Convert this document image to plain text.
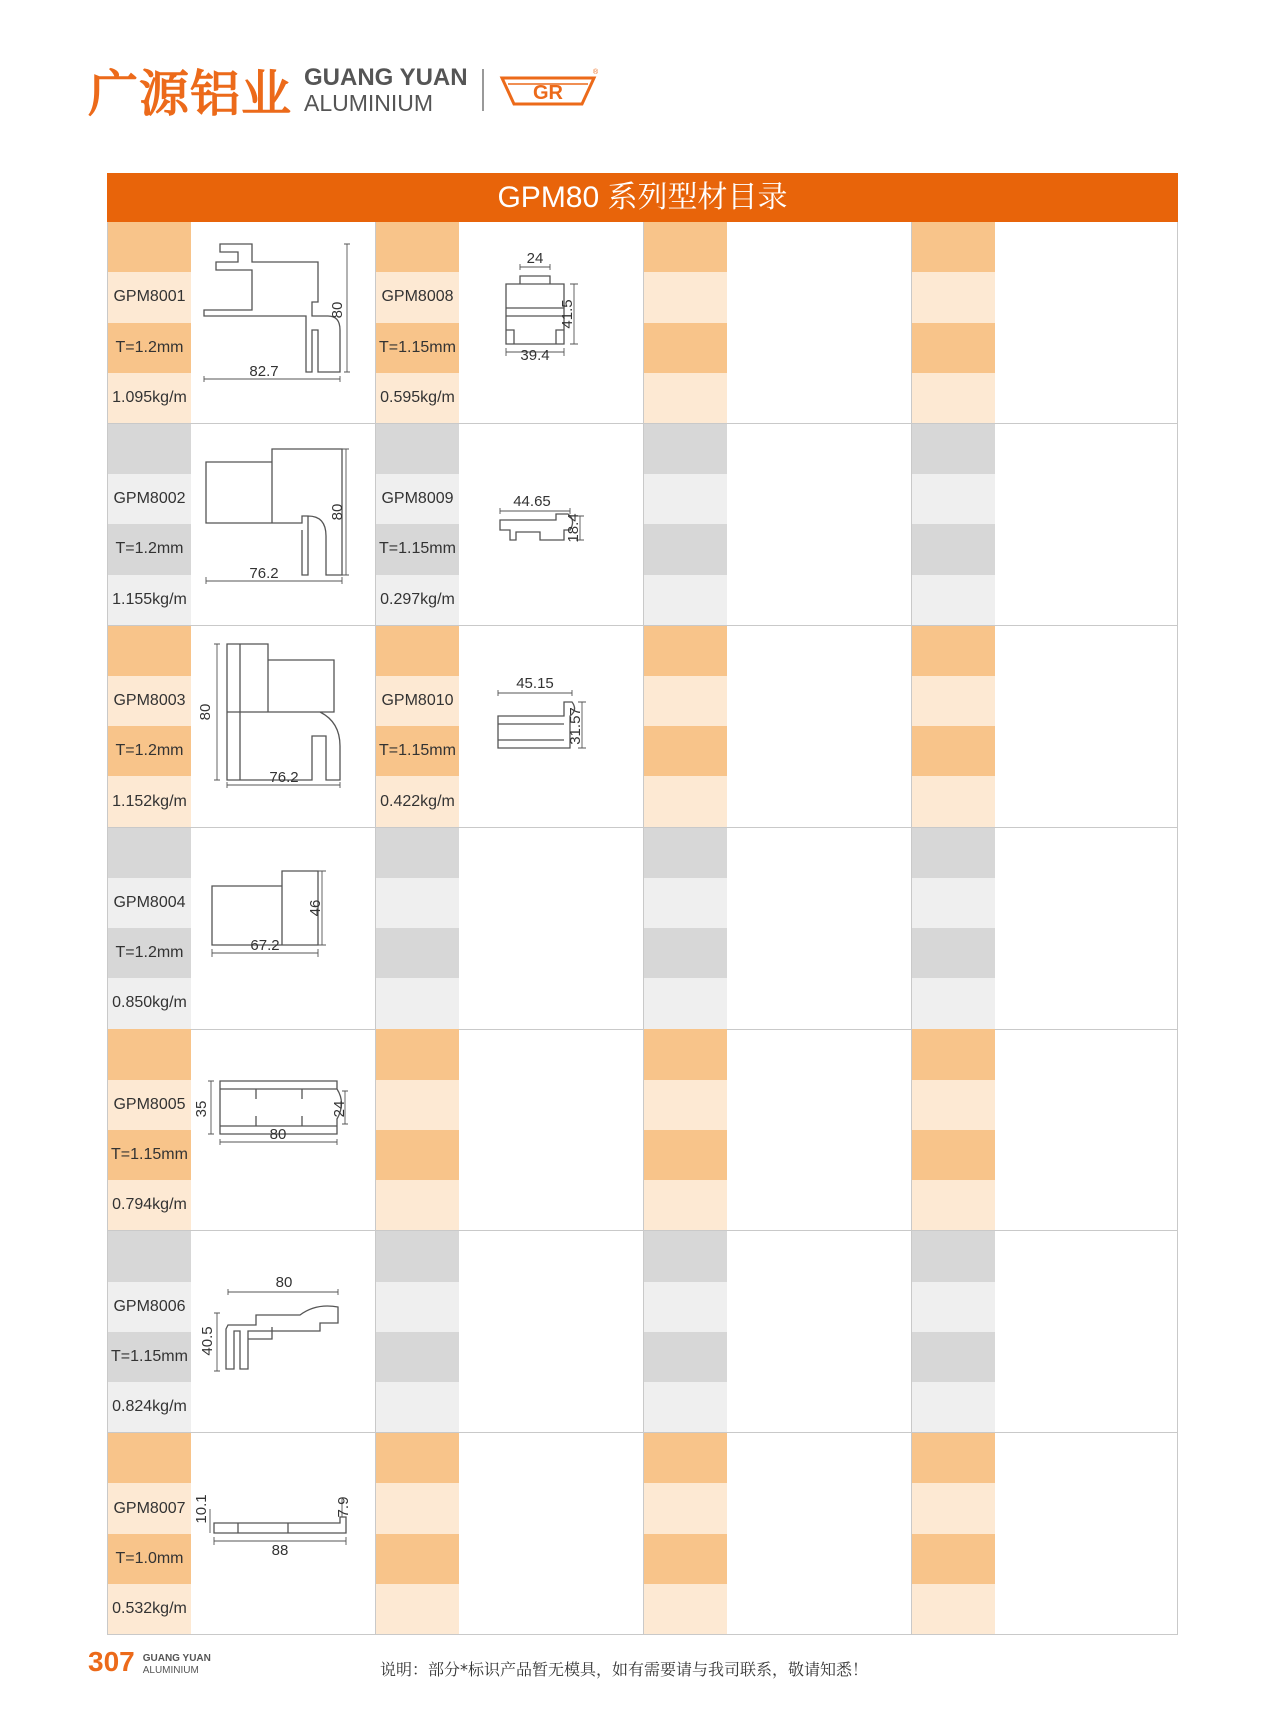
广源铝业 GUANG YUAN
ALUMINIUM	GR
®
GPM80 系列型材目录
GPM8001
T=1.2mm
1.095kg/m
82.7
80
GPM8008
T=1.15mm
0.595kg/m
24
41.5
39.4
GPM8002
T=1.2mm
1.155kg/m
76.2
80
GPM8009
T=1.15mm
0.297kg/m
44.65
18.4
GPM8003
T=1.2mm
1.152kg/m
76.2
80
GPM8010
T=1.15mm
0.422kg/m
45.15
31.57
GPM8004
T=1.2mm
0.850kg/m
67.2
46
GPM8005
T=1.15mm
0.794kg/m
80
35	24
GPM8006
T=1.15mm
0.824kg/m
80
40.5
GPM8007
T=1.0mm
0.532kg/m
88
10.1	7.9
307 GUANG YUAN
ALUMINIUM	说明：部分*标识产品暂无模具，如有需要请与我司联系，敬请知悉！
